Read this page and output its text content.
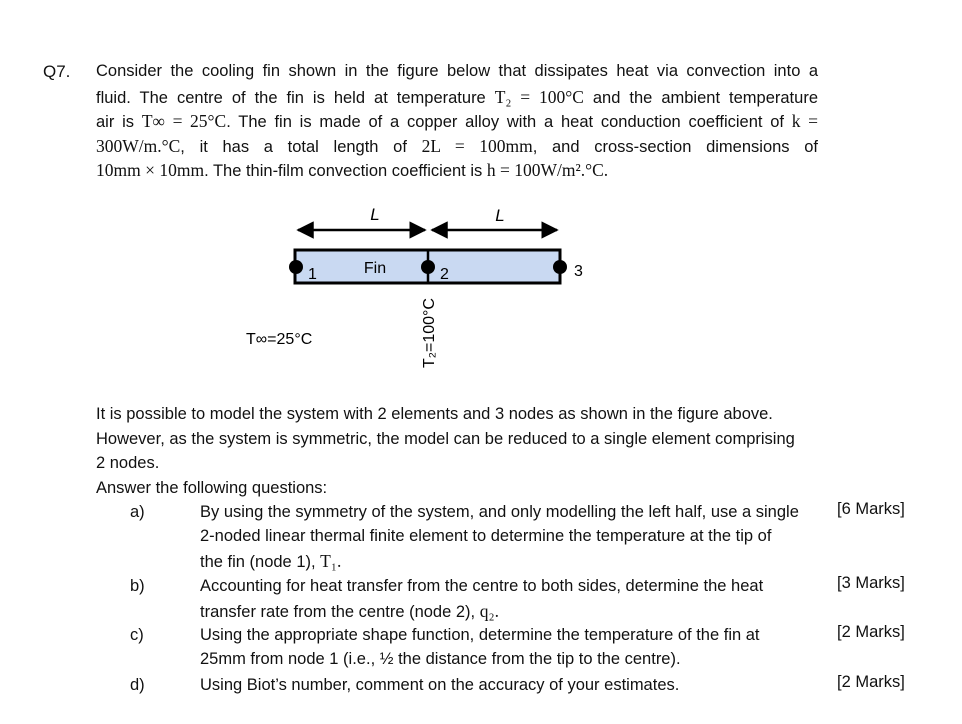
Q7. Consider the cooling fin shown in the figure below that dissipates heat via convection into a
fluid. The centre of the fin is held at temperature T₂ = 100°C and the ambient temperature
air is T∞ = 25°C. The fin is made of a copper alloy with a heat conduction coefficient of k =
300W/m.°C, it has a total length of 2L = 100mm, and cross-section dimensions of
10mm × 10mm. The thin-film convection coefficient is h = 100W/m².°C.
L	L
1	2	3
Fin
T∞=25°C	T₂=100°C
It is possible to model the system with 2 elements and 3 nodes as shown in the figure above.
However, as the system is symmetric, the model can be reduced to a single element comprising
2 nodes.
Answer the following questions:
a)	By using the symmetry of the system, and only modelling the left half, use a single
2-noded linear thermal finite element to determine the temperature at the tip of
the fin (node 1), T₁.
[6 Marks]
b)	Accounting for heat transfer from the centre to both sides, determine the heat
transfer rate from the centre (node 2), q₂.
[3 Marks]
c)	Using the appropriate shape function, determine the temperature of the fin at
25mm from node 1 (i.e., ½ the distance from the tip to the centre).
[2 Marks]
d)	Using Biot’s number, comment on the accuracy of your estimates.	[2 Marks]
